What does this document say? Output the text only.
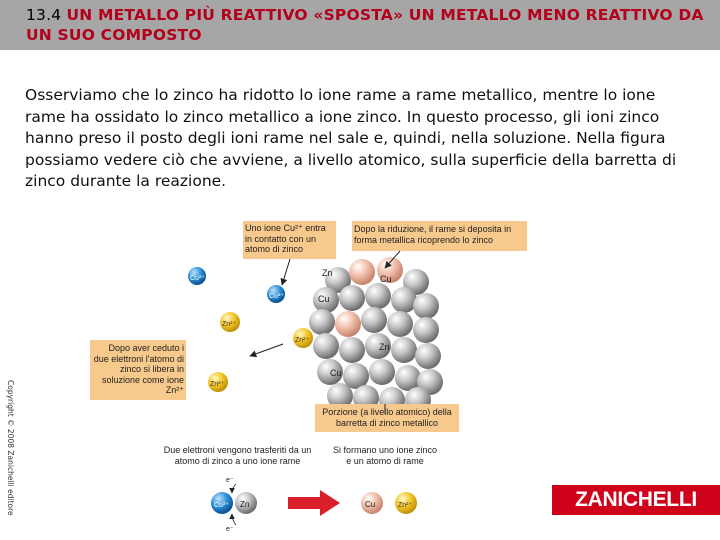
13.4 UN METALLO PIÙ REATTIVO «SPOSTA» UN METALLO MENO REATTIVO DA UN SUO COMPOSTO
Osserviamo che lo zinco ha ridotto lo ione rame a rame metallico, mentre lo ione rame ha ossidato lo zinco metallico a ione zinco. In questo processo, gli ioni zinco hanno preso il posto degli ioni rame nel sale e, quindi, nella soluzione. Nella figura possiamo vedere ciò che avviene, a livello atomico, sulla superficie della barretta di zinco durante la reazione.
Copyright © 2008 Zanichelli editore
Zn
Cu
Cu
Zn
Cu
Cu²⁺
Cu²⁺
Zn²⁺
Zn²⁺
Zn²⁺
Cu²⁺ Zn
e⁻
e⁻
Cu	Zn²⁺
Uno ione Cu²⁺ entra in contatto con un atomo di zinco
Dopo la riduzione, il rame si deposita in forma metallica ricoprendo lo zinco
Dopo aver ceduto i due elettroni l'atomo di zinco si libera in soluzione come ione Zn²⁺
Porzione (a livello atomico) della barretta di zinco metallico
Due elettroni vengono trasferiti da un atomo di zinco a uno ione rame
Si formano uno ione zinco e un atomo di rame
ZANICHELLI
